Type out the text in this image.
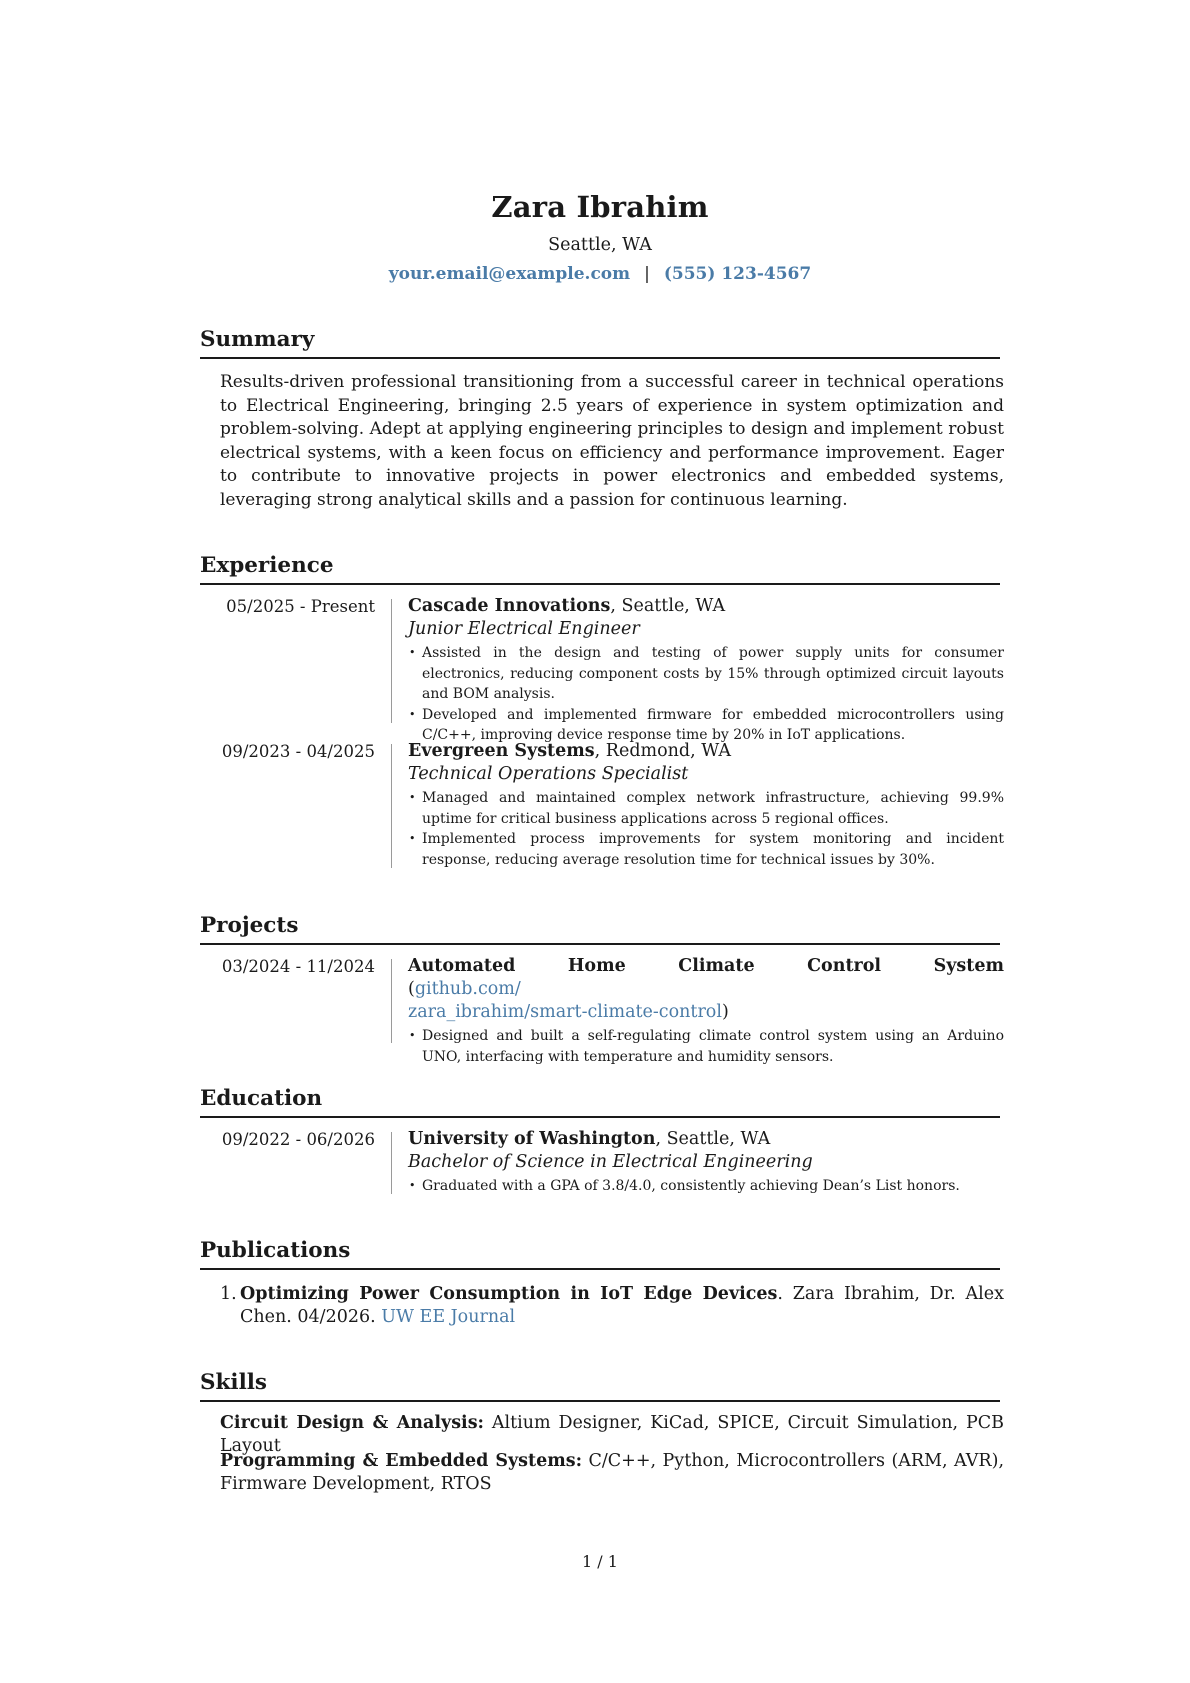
Zara Ibrahim
Seattle, WA
your.email@example.com | (555) 123-4567
Summary
Results-driven professional transitioning from a successful career in technical operations to Electrical Engineering, bringing 2.5 years of experience in system optimization and problem-solving. Adept at applying engineering principles to design and implement robust electrical systems, with a keen focus on efficiency and performance improvement. Eager to contribute to innovative projects in power electronics and embedded systems, leveraging strong analytical skills and a passion for continuous learning.
Experience
05/2025 - Present Cascade Innovations, Seattle, WA
Junior Electrical Engineer
• Assisted in the design and testing of power supply units for consumer electronics, reducing component costs by 15% through optimized circuit layouts and BOM analysis.
• Developed and implemented firmware for embedded microcontrollers using C/C++, improving device response time by 20% in IoT applications.
09/2023 - 04/2025 Evergreen Systems, Redmond, WA
Technical Operations Specialist
• Managed and maintained complex network infrastructure, achieving 99.9% uptime for critical business applications across 5 regional offices.
• Implemented process improvements for system monitoring and incident response, reducing average resolution time for technical issues by 30%.
Projects
03/2024 - 11/2024 Automated Home Climate Control System (github.com/
zara_ibrahim/smart-climate-control)
• Designed and built a self-regulating climate control system using an Arduino UNO, interfacing with temperature and humidity sensors.
Education
09/2022 - 06/2026 University of Washington, Seattle, WA
Bachelor of Science in Electrical Engineering
• Graduated with a GPA of 3.8/4.0, consistently achieving Dean’s List honors.
Publications
1. Optimizing Power Consumption in IoT Edge Devices. Zara Ibrahim, Dr. Alex Chen. 04/2026. UW EE Journal
Skills
Circuit Design & Analysis: Altium Designer, KiCad, SPICE, Circuit Simulation, PCB Layout
Programming & Embedded Systems: C/C++, Python, Microcontrollers (ARM, AVR), Firmware Development, RTOS
1 / 1
